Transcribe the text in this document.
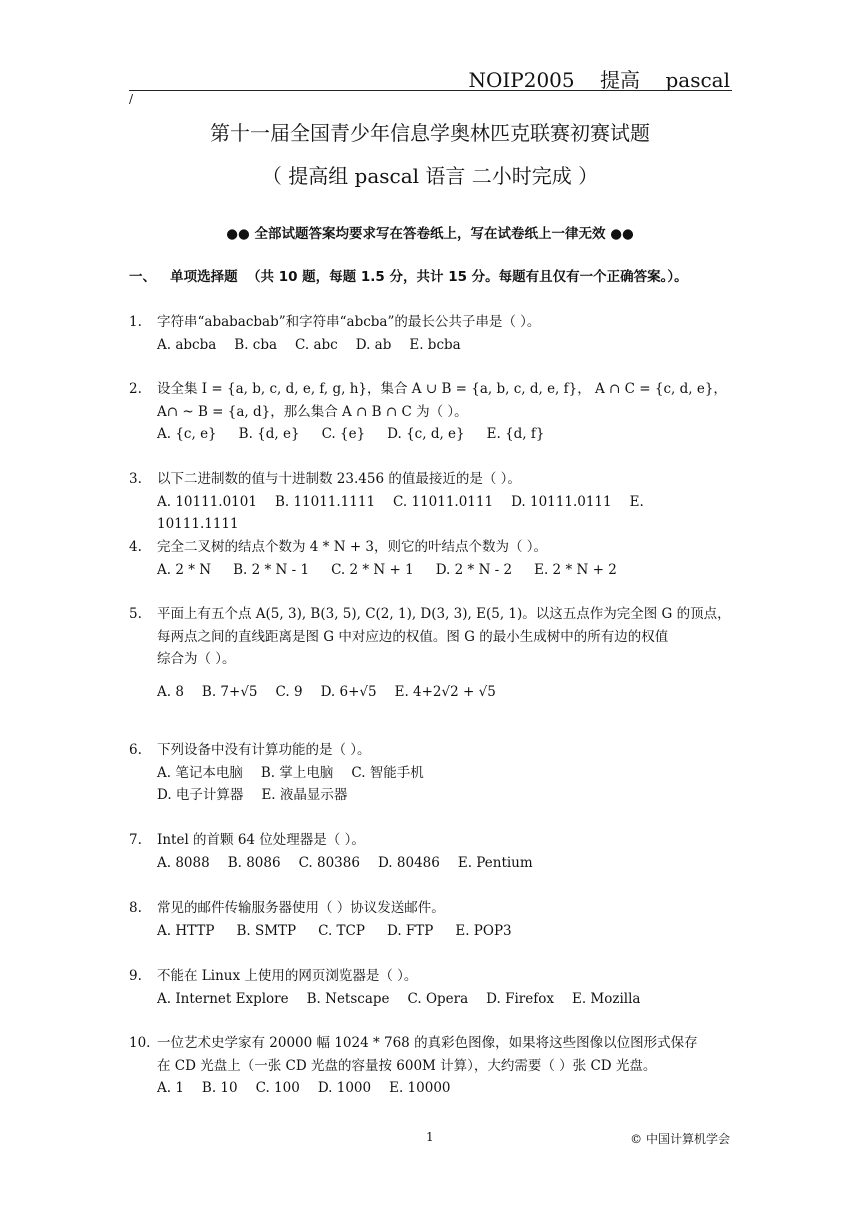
NOIP2005    提高    pascal
/
第十一届全国青少年信息学奥林匹克联赛初赛试题
（ 提高组 pascal 语言 二小时完成 ）
●● 全部试题答案均要求写在答卷纸上，写在试卷纸上一律无效 ●●
一、   单项选择题  （共 10 题，每题 1.5 分，共计 15 分。每题有且仅有一个正确答案。）。
1. 字符串“ababacbab”和字符串“abcba”的最长公共子串是（ ）。
A. abcba B. cba C. abc D. ab E. bcba
2. 设全集 I = {a, b, c, d, e, f, g, h}，集合 A ∪ B = {a, b, c, d, e, f}， A ∩ C = {c, d, e}，
A∩ ~ B = {a, d}，那么集合 A ∩ B ∩ C 为（ ）。
A. {c, e} B. {d, e} C. {e} D. {c, d, e} E. {d, f}
3. 以下二进制数的值与十进制数 23.456 的值最接近的是（ ）。
A. 10111.0101 B. 11011.1111 C. 11011.0111 D. 10111.0111 E. 10111.1111
4. 完全二叉树的结点个数为 4 * N + 3，则它的叶结点个数为（ ）。
A. 2 * N B. 2 * N - 1 C. 2 * N + 1 D. 2 * N - 2 E. 2 * N + 2
5. 平面上有五个点 A(5, 3), B(3, 5), C(2, 1), D(3, 3), E(5, 1)。以这五点作为完全图 G 的顶点，
每两点之间的直线距离是图 G 中对应边的权值。图 G 的最小生成树中的所有边的权值
综合为（ ）。
A. 8 B. 7+√5 C. 9 D. 6+√5 E. 4+2√2 + √5
6. 下列设备中没有计算功能的是（ ）。
A. 笔记本电脑 B. 掌上电脑 C. 智能手机
D. 电子计算器 E. 液晶显示器
7. Intel 的首颗 64 位处理器是（ ）。
A. 8088 B. 8086 C. 80386 D. 80486 E. Pentium
8. 常见的邮件传输服务器使用（ ）协议发送邮件。
A. HTTP B. SMTP C. TCP D. FTP E. POP3
9. 不能在 Linux 上使用的网页浏览器是（ ）。
A. Internet Explore B. Netscape C. Opera D. Firefox E. Mozilla
10. 一位艺术史学家有 20000 幅 1024 * 768 的真彩色图像，如果将这些图像以位图形式保存
在 CD 光盘上（一张 CD 光盘的容量按 600M 计算），大约需要（ ）张 CD 光盘。
A. 1 B. 10 C. 100 D. 1000 E. 10000
1	© 中国计算机学会
